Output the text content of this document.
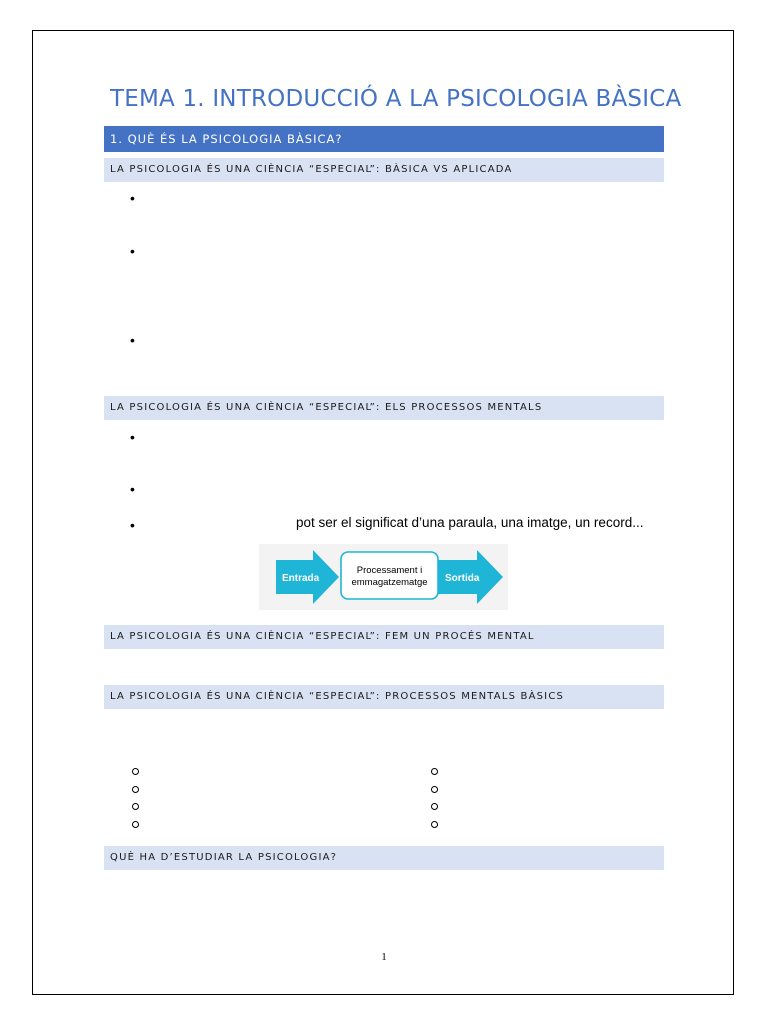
TEMA 1. INTRODUCCIÓ A LA PSICOLOGIA BÀSICA
1. QUÈ ÉS LA PSICOLOGIA BÀSICA?
LA PSICOLOGIA ÉS UNA CIÈNCIA “ESPECIAL”: BÀSICA VS APLICADA
•
•
•
LA PSICOLOGIA ÉS UNA CIÈNCIA “ESPECIAL”: ELS PROCESSOS MENTALS
•
•
•	pot ser el significat d’una paraula, una imatge, un record...
Entrada	Sortida
Processament i
emmagatzematge
LA PSICOLOGIA ÉS UNA CIÈNCIA “ESPECIAL”: FEM UN PROCÉS MENTAL
LA PSICOLOGIA ÉS UNA CIÈNCIA “ESPECIAL”: PROCESSOS MENTALS BÀSICS
QUÈ HA D’ESTUDIAR LA PSICOLOGIA?
1
